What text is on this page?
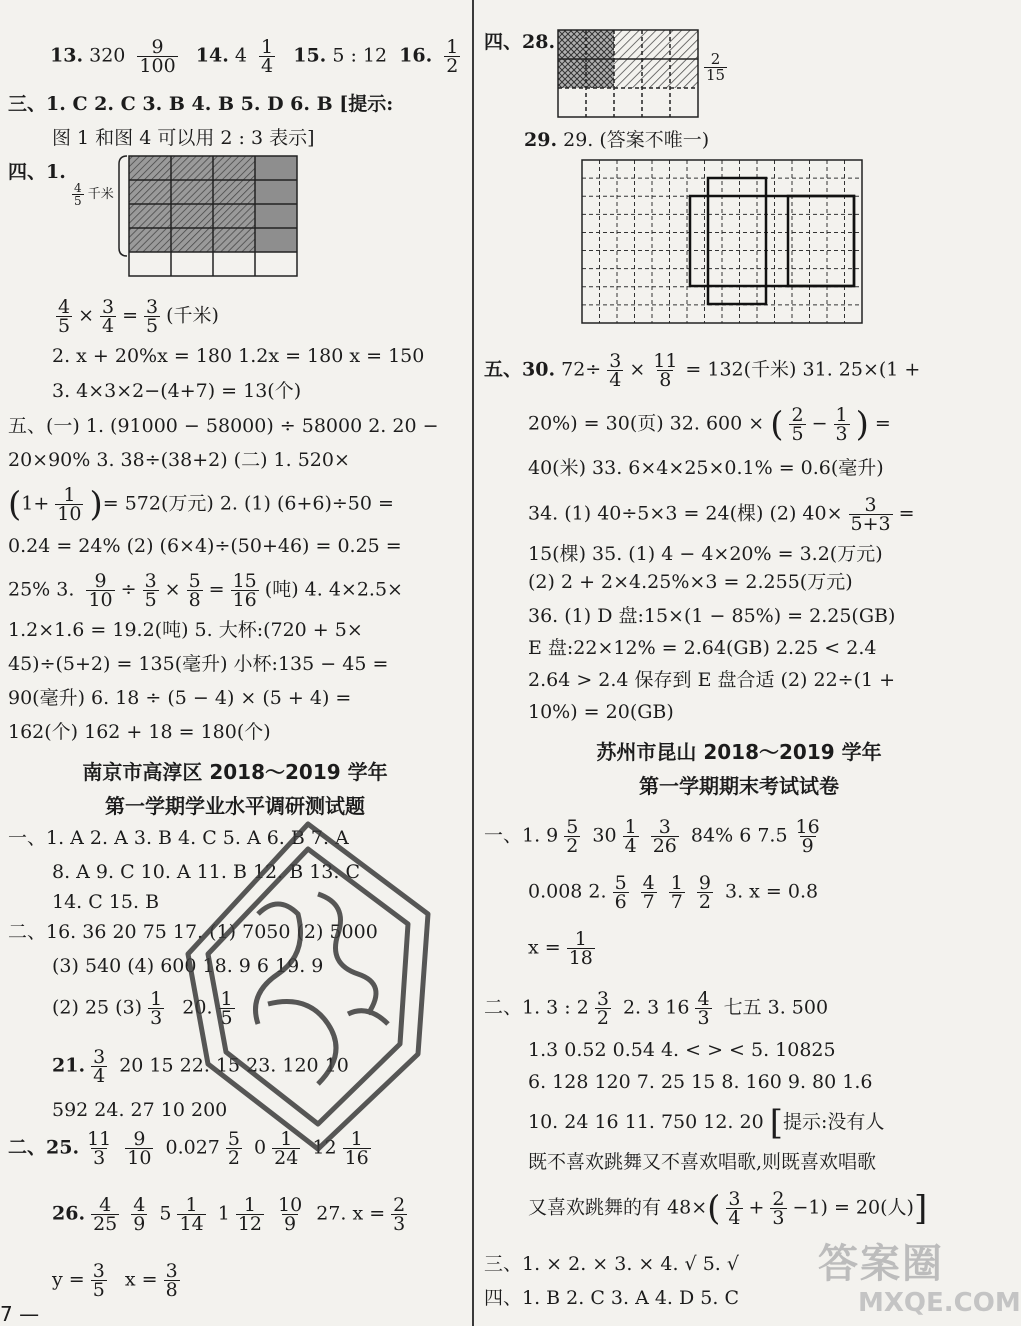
13. $320 \frac{9}{100} 14$. $4 \frac{1}{4} 15$. 5 : 12 16. $\frac{1}{2}$
三、1. C 2. C 3. B 4. B 5. D 6. B [提示:
图 1 和图 4 可以用 2 : 3 表示]
四、1.
$\frac{4}{5}$ 千米
$\frac{4}{5} \times \frac{3}{4} = \frac{3}{5}$ (千米)
2. x + 20%x = 180 1.2x = 180 x = 150
3. 4×3×2−(4+7) = 13(个)
五、(一) 1. (91000 − 58000) ÷ 58000 2. 20 −
20×90% 3. 38÷(38+2) (二) 1. 520×
($1+ \frac{1}{10}$ )= 572(万元) 2. (1) (6+6)÷50 =
0.24 = 24% (2) (6×4)÷(50+46) = 0.25 =
25% 3. $\frac{9}{10} \div \frac{3}{5} \times \frac{5}{8} = \frac{15}{16}$ (吨) 4. 4×2.5×
1.2×1.6 = 19.2(吨) 5. 大杯:(720 + 5×
45)÷(5+2) = 135(毫升) 小杯:135 − 45 =
90(毫升) 6. 18 ÷ (5 − 4) × (5 + 4) =
162(个) 162 + 18 = 180(个)
南京市高淳区 2018～2019 学年
第一学期学业水平调研测试题
一、1. A 2. A 3. B 4. C 5. A 6. B 7. A
8. A 9. C 10. A 11. B 12. B 13. C
14. C 15. B
二、16. 36 20 75 17. (1) 7050 (2) 5000
(3) 540 (4) 600 18. 9 6 19. 9
(2) 25 $(3) \frac{1}{3} 20$. $\frac{1}{5}$
21. $\frac{3}{4} 20$ 15 22. 15 23. 120 10
592 24. 27 10 200
二、25. $\frac{11}{3} \frac{9}{10} 0.027 \frac{5}{2} 0 \frac{1}{24} 12 \frac{1}{16}$
26. $\frac{4}{25} \frac{4}{9} 5 \frac{1}{14} 1 \frac{1}{12} \frac{10}{9} 27$. $x = \frac{2}{3}$
$y = \frac{3}{5}$ $x = \frac{3}{8}$
7 —
四、28.
$\frac{2}{15}$
29. 29. (答案不唯一)
五、30. $72\div \frac{3}{4} \times \frac{11}{8} = 132$(千米) 31. 25×(1 +
20%) = 30(页) 32. 600 × ( $\frac{2}{5} - \frac{1}{3}$ ) =
40(米) 33. 6×4×25×0.1% = 0.6(毫升)
34. (1) 40÷5×3 = 24(棵) (2) $40\times \frac{3}{5+3}$ =
15(棵) 35. (1) 4 − 4×20% = 3.2(万元)
(2) 2 + 2×4.25%×3 = 2.255(万元)
36. (1) D 盘:15×(1 − 85%) = 2.25(GB)
E 盘:22×12% = 2.64(GB) 2.25 < 2.4
2.64 > 2.4 保存到 E 盘合适 (2) 22÷(1 +
10%) = 20(GB)
苏州市昆山 2018～2019 学年
第一学期期末考试试卷
一、1. $9 \frac{5}{2} 30 \frac{1}{4} \frac{3}{26} 84\%$ 6 $7.5 \frac{16}{9}$
0.008 2. $\frac{5}{6} \frac{4}{7} \frac{1}{7} \frac{9}{2} 3$. x = 0.8
$x = \frac{1}{18}$
二、1. 3 : $2 \frac{3}{2} 2$. 3 $16 \frac{4}{3}$ 七五 3. 500
1.3 0.52 0.54 4. < > < 5. 10825
6. 128 120 7. 25 15 8. 160 9. 80 1.6
10. 24 16 11. 750 12. 20 [提示:没有人
既不喜欢跳舞又不喜欢唱歌,则既喜欢唱歌
又喜欢跳舞的有 $48\times( \frac{3}{4} + \frac{2}{3} -1) = 20$(人)]
三、1. × 2. × 3. × 4. √ 5. √
四、1. B 2. C 3. A 4. D 5. C
答案圈
MXQE.COM
